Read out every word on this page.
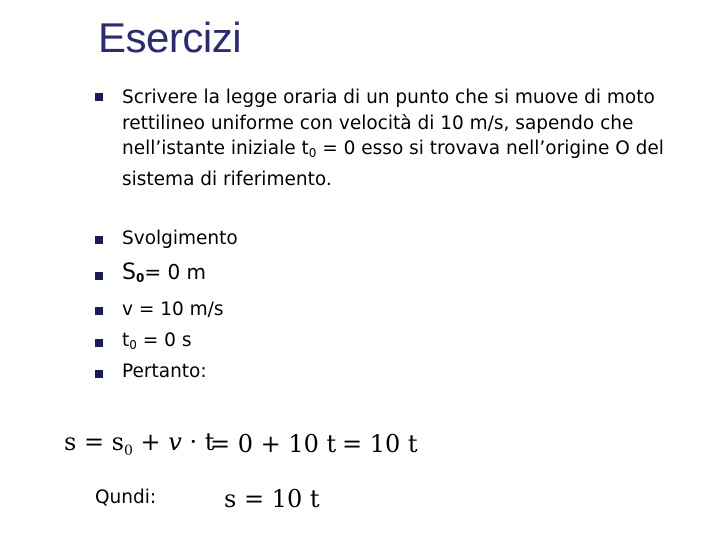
Esercizi
Scrivere la legge oraria di un punto che si muove di moto
rettilineo uniforme con velocità di 10 m/s, sapendo che
nell’istante iniziale $t_0 = 0$ esso si trovava nell’origine O del
sistema di riferimento.
Svolgimento
$S_0= 0$ m
v = 10 m/s
$t_0 = 0$ s
Pertanto:
$s = s_0 + v \cdot t$
= 0 + 10 t = 10 t
Qundi:	s = 10 t
